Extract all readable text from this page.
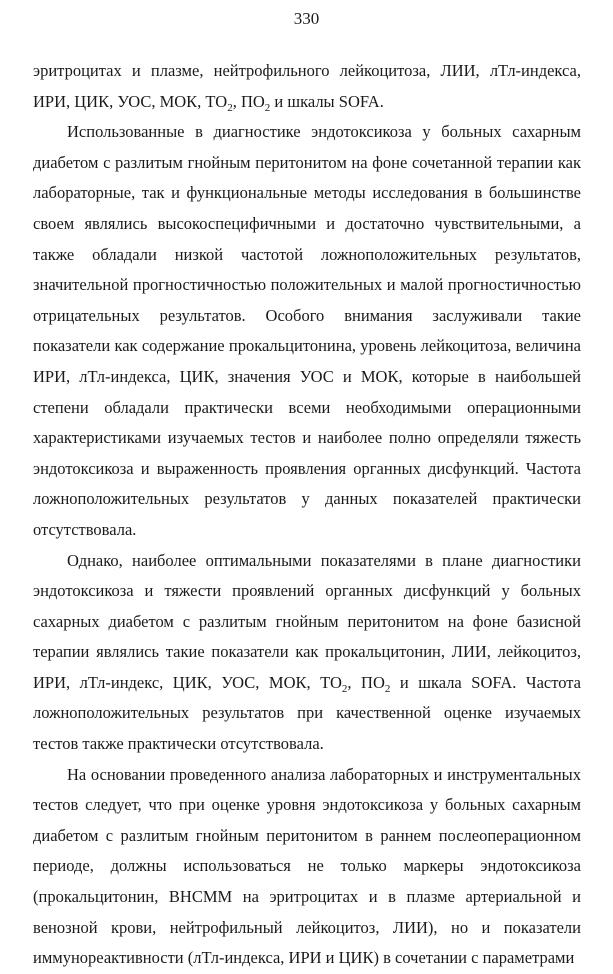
330

эритроцитах и плазме, нейтрофильного лейкоцитоза, ЛИИ, лТл-индекса, ИРИ, ЦИК, УОС, МОК, $ТО_2$, $ПО_2$ и шкалы SOFA.

Использованные в диагностике эндотоксикоза у больных сахарным диабетом с разлитым гнойным перитонитом на фоне сочетанной терапии как лабораторные, так и функциональные методы исследования в большинстве своем являлись высокоспецифичными и достаточно чувствительными, а также обладали низкой частотой ложноположительных результатов, значительной прогностичностью положительных и малой прогностичностью отрицательных результатов. Особого внимания заслуживали такие показатели как содержание прокальцитонина, уровень лейкоцитоза, величина ИРИ, лТл-индекса, ЦИК, значения УОС и МОК, которые в наибольшей степени обладали практически всеми необходимыми операционными характеристиками изучаемых тестов и наиболее полно определяли тяжесть эндотоксикоза и выраженность проявления органных дисфункций. Частота ложноположительных результатов у данных показателей практически отсутствовала.

Однако, наиболее оптимальными показателями в плане диагностики эндотоксикоза и тяжести проявлений органных дисфункций у больных сахарных диабетом с разлитым гнойным перитонитом на фоне базисной терапии являлись такие показатели как прокальцитонин, ЛИИ, лейкоцитоз, ИРИ, лТл-индекс, ЦИК, УОС, МОК, $ТО_2$, $ПО_2$ и шкала SOFA. Частота ложноположительных результатов при качественной оценке изучаемых тестов также практически отсутствовала.

На основании проведенного анализа лабораторных и инструментальных тестов следует, что при оценке уровня эндотоксикоза у больных сахарным диабетом с разлитым гнойным перитонитом в раннем послеоперационном периоде, должны использоваться не только маркеры эндотоксикоза (прокальцитонин, ВНСММ на эритроцитах и в плазме артериальной и венозной крови, нейтрофильный лейкоцитоз, ЛИИ), но и показатели иммунореактивности (лТл-индекса, ИРИ и ЦИК) в сочетании с параметрами
